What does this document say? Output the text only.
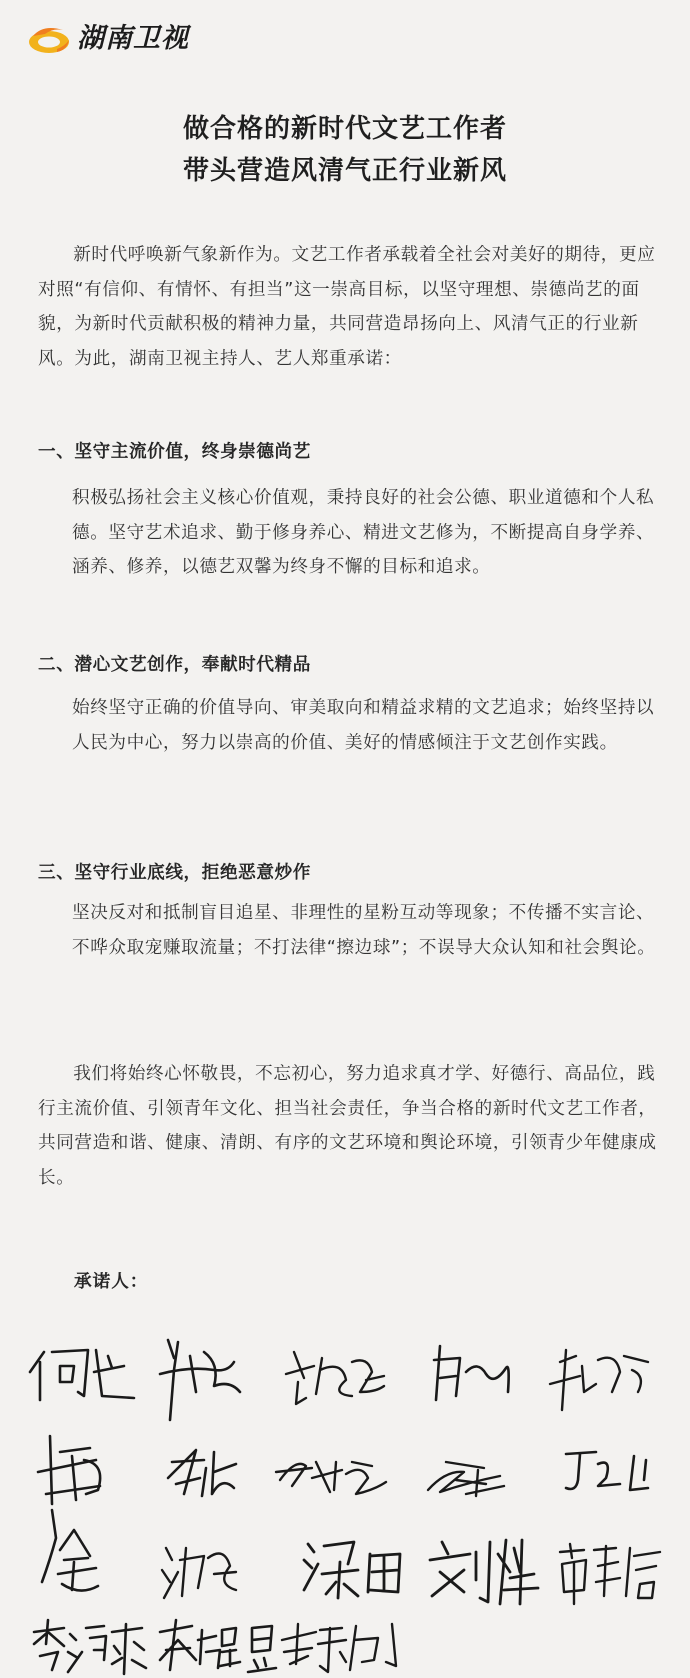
湖南卫视
做合格的新时代文艺工作者
带头营造风清气正行业新风
新时代呼唤新气象新作为。文艺工作者承载着全社会对美好的期待，更应对照“有信仰、有情怀、有担当”这一崇高目标，以坚守理想、崇德尚艺的面貌，为新时代贡献积极的精神力量，共同营造昂扬向上、风清气正的行业新风。为此，湖南卫视主持人、艺人郑重承诺：
一、坚守主流价值，终身崇德尚艺
积极弘扬社会主义核心价值观，秉持良好的社会公德、职业道德和个人私德。坚守艺术追求、勤于修身养心、精进文艺修为，不断提高自身学养、涵养、修养，以德艺双馨为终身不懈的目标和追求。
二、潜心文艺创作，奉献时代精品
始终坚守正确的价值导向、审美取向和精益求精的文艺追求；始终坚持以人民为中心，努力以崇高的价值、美好的情感倾注于文艺创作实践。
三、坚守行业底线，拒绝恶意炒作
坚决反对和抵制盲目追星、非理性的星粉互动等现象；不传播不实言论、不哗众取宠赚取流量；不打法律“擦边球”；不误导大众认知和社会舆论。
我们将始终心怀敬畏，不忘初心，努力追求真才学、好德行、高品位，践行主流价值、引领青年文化、担当社会责任，争当合格的新时代文艺工作者，共同营造和谐、健康、清朗、有序的文艺环境和舆论环境，引领青少年健康成长。
承诺人：
